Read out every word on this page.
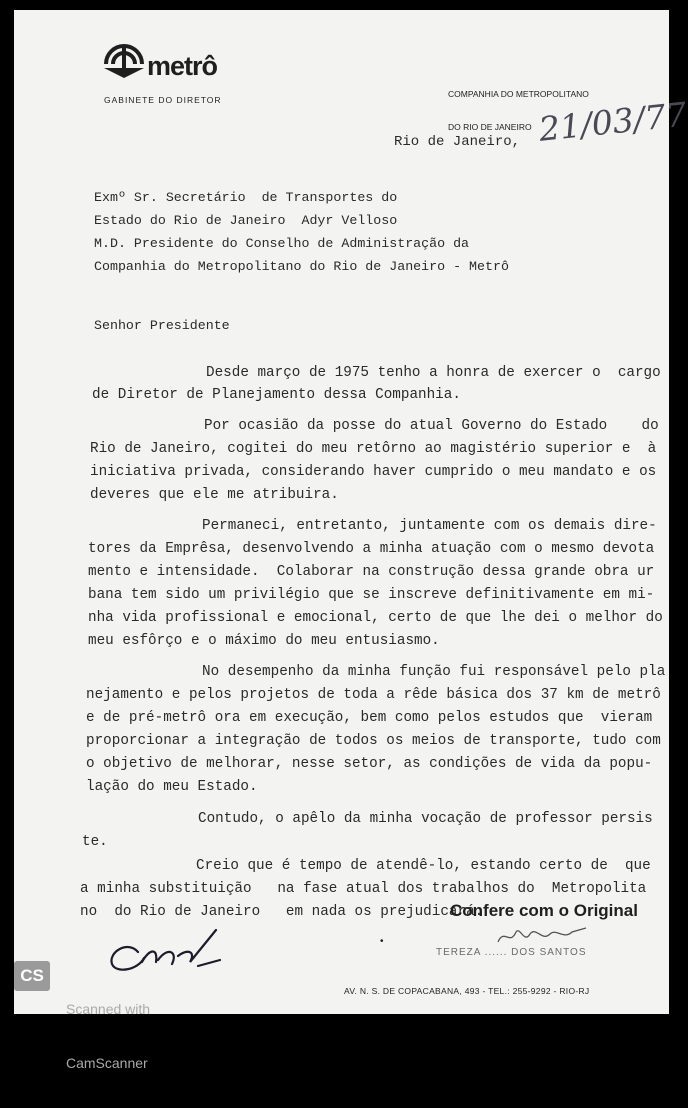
metrô
GABINETE DO DIRETOR

COMPANHIA DO METROPOLITANO

DO RIO DE JANEIRO

Rio de Janeiro, 21/03/77
Exmº Sr. Secretário  de Transportes do
Estado do Rio de Janeiro  Adyr Velloso
M.D. Presidente do Conselho de Administração da
Companhia do Metropolitano do Rio de Janeiro - Metrô
Senhor Presidente
Desde março de 1975 tenho a honra de exercer o  cargo
de Diretor de Planejamento dessa Companhia.
Por ocasião da posse do atual Governo do Estado    do
Rio de Janeiro, cogitei do meu retôrno ao magistério superior e  à
iniciativa privada, considerando haver cumprido o meu mandato e os
deveres que ele me atribuira.
Permaneci, entretanto, juntamente com os demais dire-
tores da Emprêsa, desenvolvendo a minha atuação com o mesmo devota
mento e intensidade.  Colaborar na construção dessa grande obra ur
bana tem sido um privilégio que se inscreve definitivamente em mi-
nha vida profissional e emocional, certo de que lhe dei o melhor do
meu esfôrço e o máximo do meu entusiasmo.
No desempenho da minha função fui responsável pelo pla
nejamento e pelos projetos de toda a rêde básica dos 37 km de metrô
e de pré-metrô ora em execução, bem como pelos estudos que  vieram
proporcionar a integração de todos os meios de transporte, tudo com
o objetivo de melhorar, nesse setor, as condições de vida da popu-
lação do meu Estado.
Contudo, o apêlo da minha vocação de professor persis
te.
Creio que é tempo de atendê-lo, estando certo de  que
a minha substituição   na fase atual dos trabalhos do  Metropolita
no  do Rio de Janeiro   em nada os prejudicará.
•
Confere com o Original
TEREZA ...... DOS SANTOS
AV. N. S. DE COPACABANA, 493 - TEL.: 255-9292 - RIO-RJ
CS

Scanned with

CamScanner
